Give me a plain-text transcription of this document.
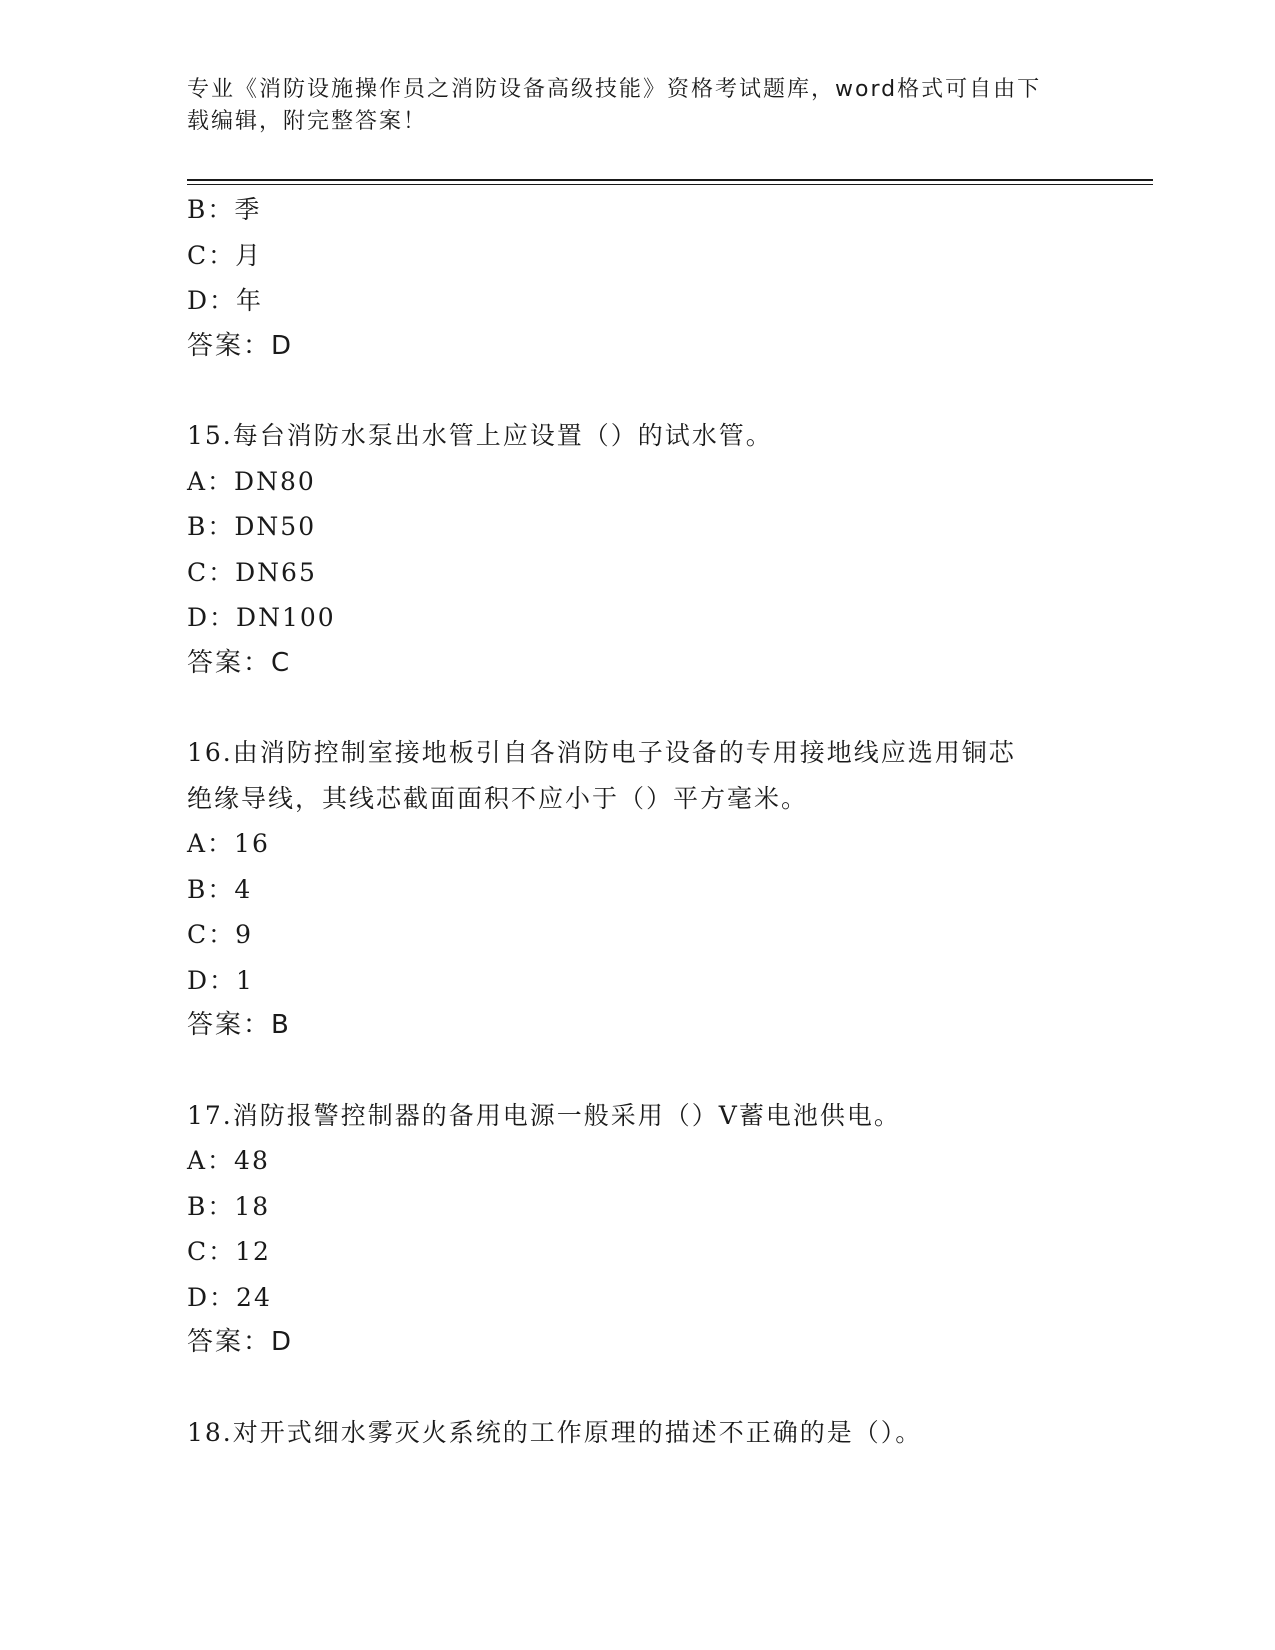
专业《消防设施操作员之消防设备高级技能》资格考试题库，word格式可自由下
载编辑，附完整答案！
B：季
C：月
D：年
答案：D
15.每台消防水泵出水管上应设置（）的试水管。
A：DN80
B：DN50
C：DN65
D：DN100
答案：C
16.由消防控制室接地板引自各消防电子设备的专用接地线应选用铜芯
绝缘导线，其线芯截面面积不应小于（）平方毫米。
A：16
B：4
C：9
D：1
答案：B
17.消防报警控制器的备用电源一般采用（）V蓄电池供电。
A：48
B：18
C：12
D：24
答案：D
18.对开式细水雾灭火系统的工作原理的描述不正确的是（）。
